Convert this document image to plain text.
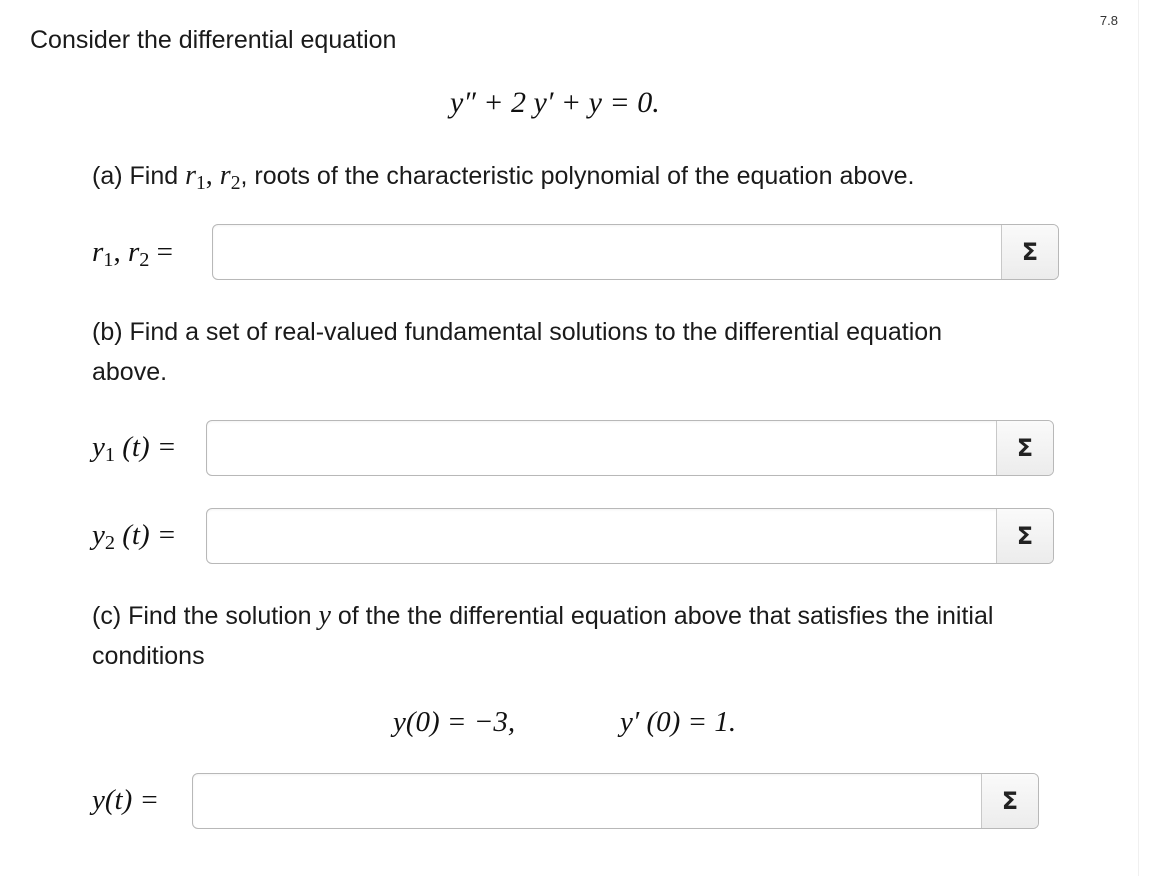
7.8
Consider the differential equation
y″ + 2 y′ + y = 0.
(a) Find $r_1$, $r_2$, roots of the characteristic polynomial of the equation above.
$r_1$, $r_2$ =	Σ
(b) Find a set of real-valued fundamental solutions to the differential equation
above.
$y_1$ (t) =	Σ
$y_2$ (t) =	Σ
(c) Find the solution y of the the differential equation above that satisfies the initial
conditions
y(0) = −3,	y′ (0) = 1.
y(t) =	Σ
